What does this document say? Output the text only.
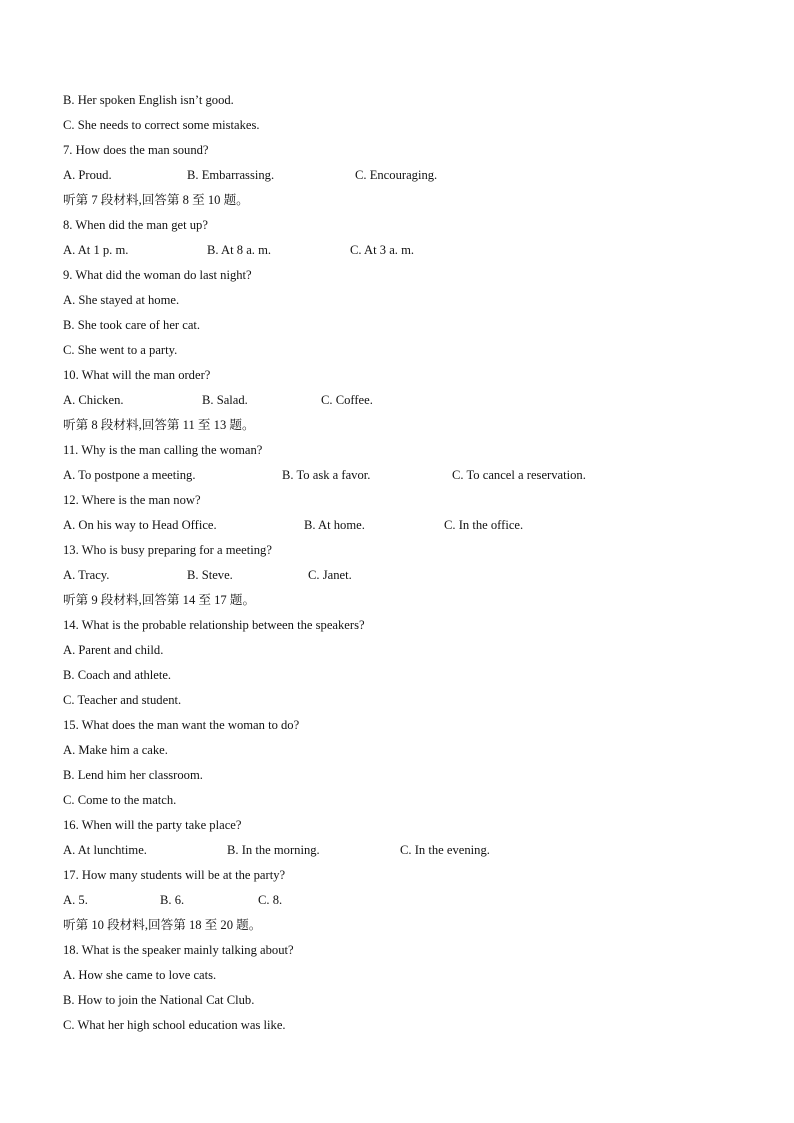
B. Her spoken English isn’t good.
C. She needs to correct some mistakes.
7. How does the man sound?
A. Proud.	B. Embarrassing.	C. Encouraging.
听第 7 段材料,回答第 8 至 10 题。
8. When did the man get up?
A. At 1 p. m.	B. At 8 a. m.	C. At 3 a. m.
9. What did the woman do last night?
A. She stayed at home.
B. She took care of her cat.
C. She went to a party.
10. What will the man order?
A. Chicken.	B. Salad.	C. Coffee.
听第 8 段材料,回答第 11 至 13 题。
11. Why is the man calling the woman?
A. To postpone a meeting.	B. To ask a favor.	C. To cancel a reservation.
12. Where is the man now?
A. On his way to Head Office.	B. At home.	C. In the office.
13. Who is busy preparing for a meeting?
A. Tracy.	B. Steve.	C. Janet.
听第 9 段材料,回答第 14 至 17 题。
14. What is the probable relationship between the speakers?
A. Parent and child.
B. Coach and athlete.
C. Teacher and student.
15. What does the man want the woman to do?
A. Make him a cake.
B. Lend him her classroom.
C. Come to the match.
16. When will the party take place?
A. At lunchtime.	B. In the morning.	C. In the evening.
17. How many students will be at the party?
A. 5.	B. 6.	C. 8.
听第 10 段材料,回答第 18 至 20 题。
18. What is the speaker mainly talking about?
A. How she came to love cats.
B. How to join the National Cat Club.
C. What her high school education was like.
